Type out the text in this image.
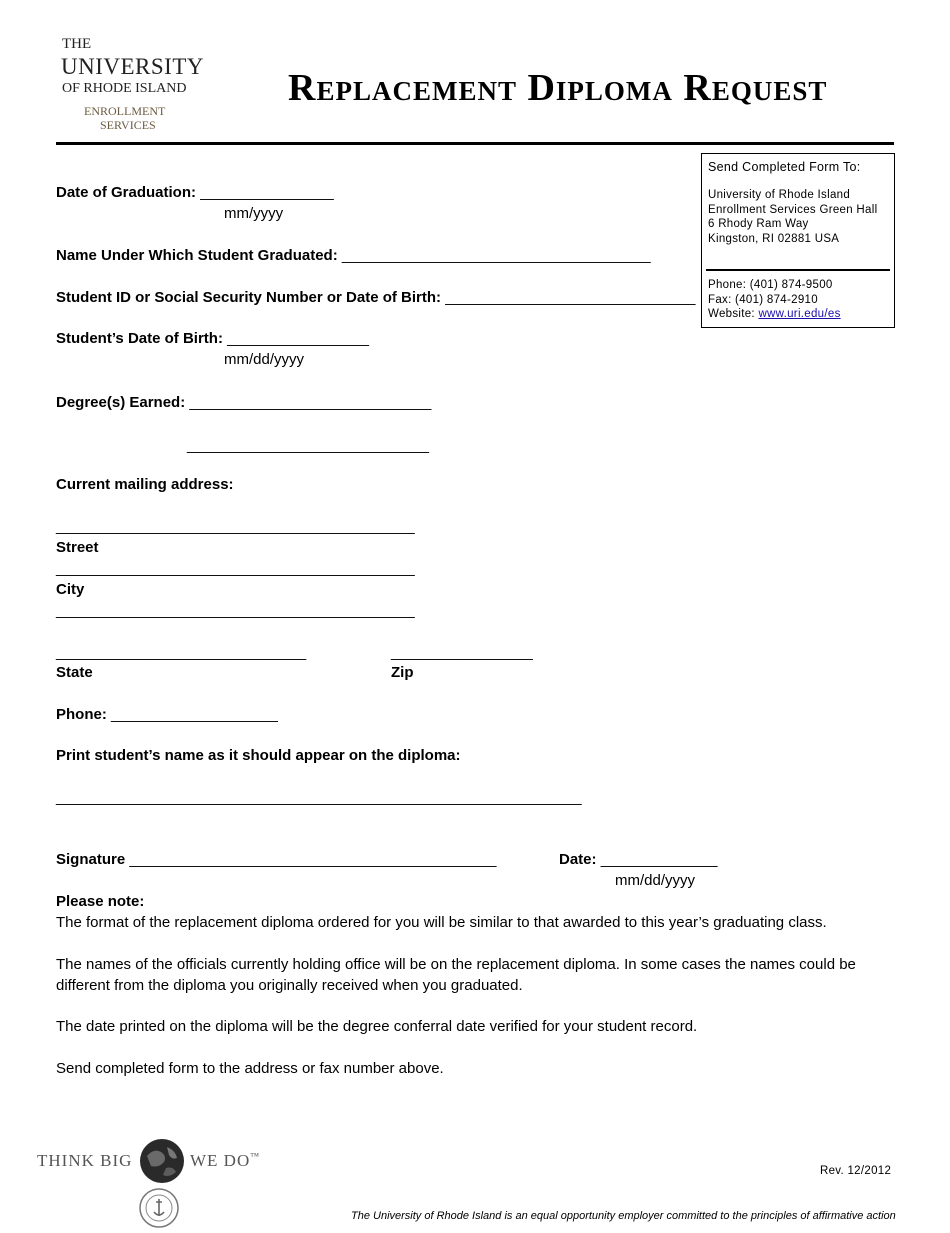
THE
UNIVERSITY
OF RHODE ISLAND
ENROLLMENT
SERVICES
Replacement Diploma Request
Send Completed Form To:
University of Rhode Island
Enrollment Services Green Hall
6 Rhody Ram Way
Kingston, RI 02881 USA
Phone: (401) 874-9500
Fax: (401) 874-2910
Website: www.uri.edu/es
Date of Graduation: ________________
mm/yyyy
Name Under Which Student Graduated: _____________________________________
Student ID or Social Security Number or Date of Birth: ______________________________
Student’s Date of Birth: _________________
mm/dd/yyyy
Degree(s) Earned: _____________________________
_____________________________
Current mailing address:
___________________________________________
Street
___________________________________________
City
___________________________________________
______________________________	_________________
State	Zip
Phone: ____________________
Print student’s name as it should appear on the diploma:
_______________________________________________________________
Signature ____________________________________________	Date: ______________
mm/dd/yyyy
Please note:
The format of the replacement diploma ordered for you will be similar to that awarded to this year’s graduating class.
The names of the officials currently holding office will be on the replacement diploma. In some cases the names could be
different from the diploma you originally received when you graduated.
The date printed on the diploma will be the degree conferral date verified for your student record.
Send completed form to the address or fax number above.
THINK BIG	WE DO™
Rev. 12/2012
The University of Rhode Island is an equal opportunity employer committed to the principles of affirmative action
